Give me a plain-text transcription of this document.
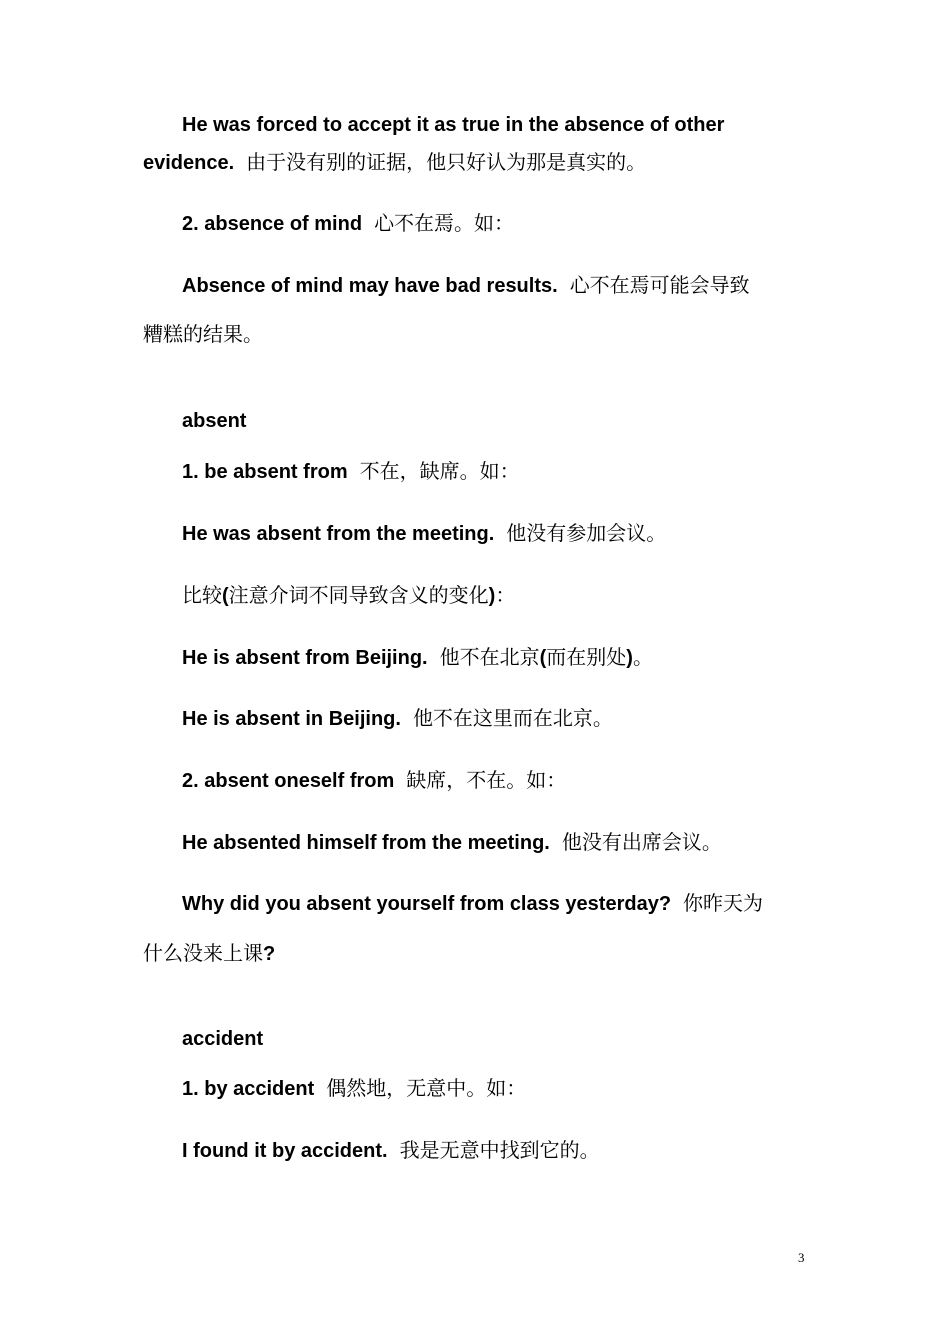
He was forced to accept it as true in the absence of other
evidence. 由于没有别的证据，他只好认为那是真实的。
2. absence of mind 心不在焉。如：
Absence of mind may have bad results. 心不在焉可能会导致
糟糕的结果。
absent
1. be absent from 不在，缺席。如：
He was absent from the meeting. 他没有参加会议。
比较(注意介词不同导致含义的变化)：
He is absent from Beijing. 他不在北京(而在别处)。
He is absent in Beijing. 他不在这里而在北京。
2. absent oneself from 缺席，不在。如：
He absented himself from the meeting. 他没有出席会议。
Why did you absent yourself from class yesterday? 你昨天为
什么没来上课?
accident
1. by accident 偶然地，无意中。如：
I found it by accident. 我是无意中找到它的。
3
